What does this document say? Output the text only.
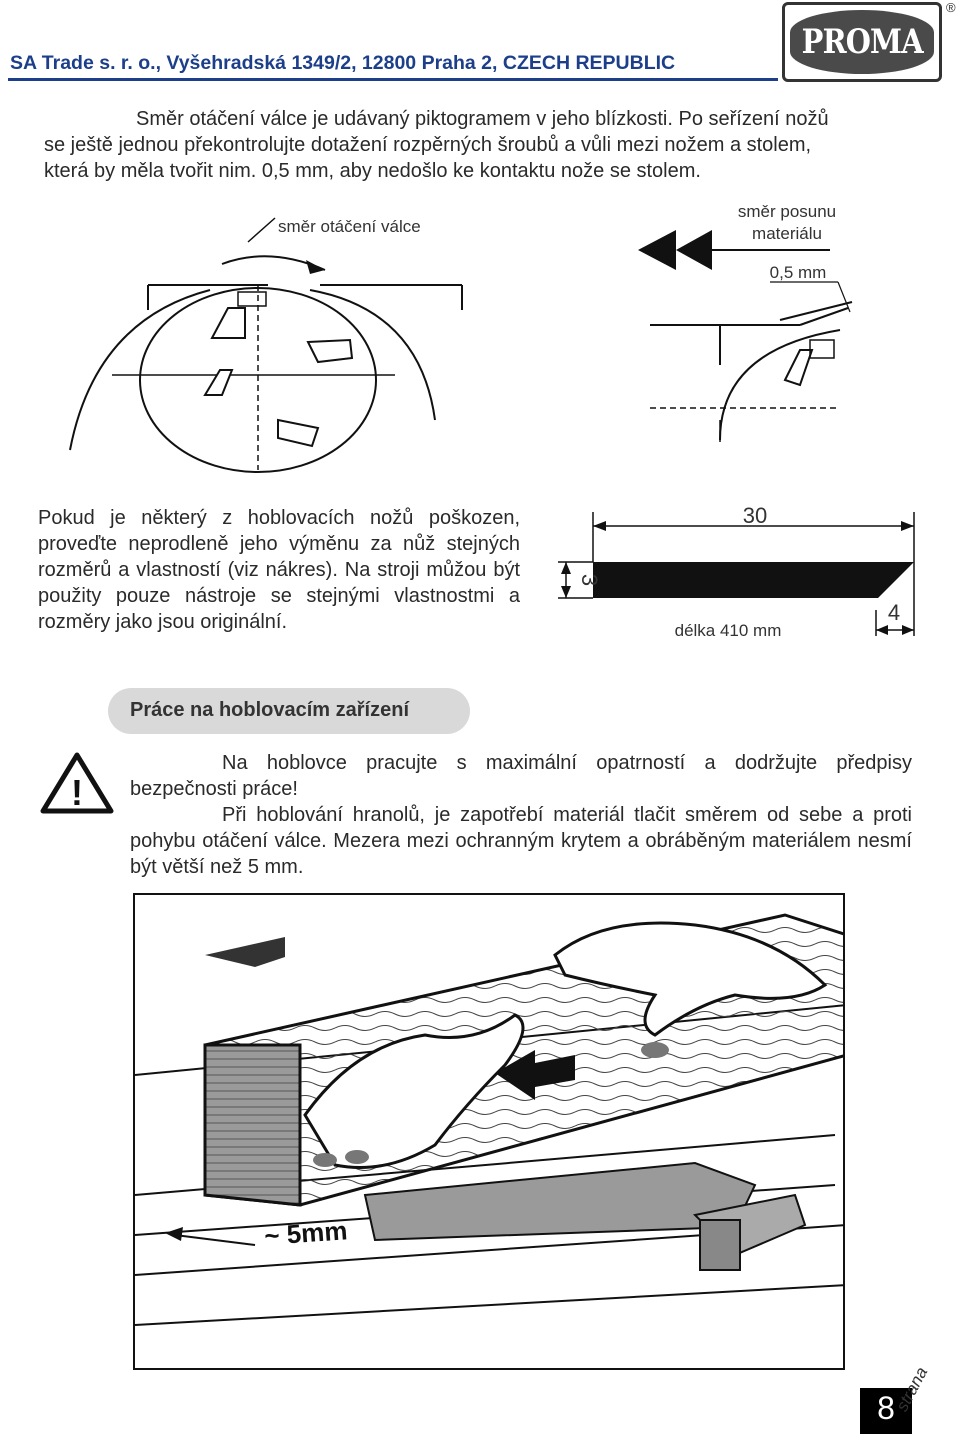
SA Trade s. r. o., Vyšehradská 1349/2, 12800 Praha 2, CZECH REPUBLIC
PROMA
®

Směr otáčení válce je udávaný piktogramem v jeho blízkosti. Po seřízení nožů

se ještě jednou překontrolujte dotažení rozpěrných šroubů a vůli mezi nožem a stolem,

která by měla tvořit nim. 0,5 mm, aby nedošlo ke kontaktu nože se stolem.

směr otáčení válce
směr posunu
materiálu
0,5 mm
Pokud je některý z hoblovacích nožů poškozen, proveďte neprodleně jeho výměnu za nůž stejných rozměrů a vlastností (viz nákres). Na stroji můžou být použity pouze nástroje se stejnými vlastnostmi a rozměry jako jsou originální.
30
3
délka 410 mm
4
Práce na hoblovacím zařízení
!

Na hoblovce pracujte s maximální opatrností a dodržujte předpisy bezpečnosti práce!

Při hoblování hranolů, je zapotřebí materiál tlačit směrem od sebe a proti pohybu otáčení válce. Mezera mezi ochranným krytem a obráběným materiálem nesmí být větší než 5 mm.

~ 5mm
8
strana
